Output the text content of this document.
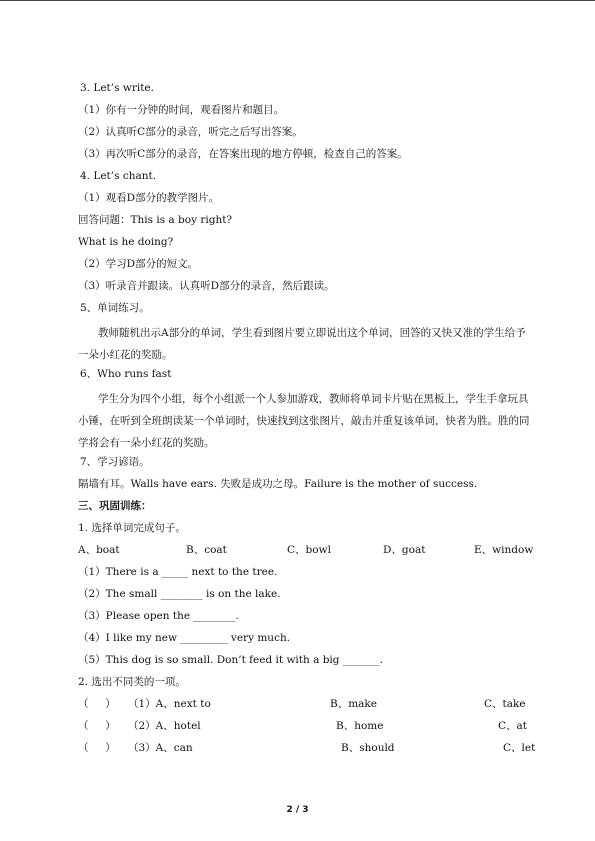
3. Let’s write.
（1）你有一分钟的时间，观看图片和题目。
（2）认真听C部分的录音，听完之后写出答案。
（3）再次听C部分的录音，在答案出现的地方停顿，检查自己的答案。
4. Let’s chant.
（1）观看D部分的教学图片。
回答问题：This is a boy right?
What is he doing?
（2）学习D部分的短文。
（3）听录音并跟读。认真听D部分的录音，然后跟读。
5、单词练习。
教师随机出示A部分的单词，学生看到图片要立即说出这个单词，回答的又快又准的学生给予一朵小红花的奖励。
6、Who runs fast
学生分为四个小组，每个小组派一个人参加游戏，教师将单词卡片贴在黑板上，学生手拿玩具小锤，在听到全班朗读某一个单词时，快速找到这张图片，敲击并重复该单词，快者为胜。胜的同学将会有一朵小红花的奖励。
7、学习谚语。
隔墙有耳。Walls have ears. 失败是成功之母。Failure is the mother of success.
三、巩固训练：
1. 选择单词完成句子。
A、boat	B、coat	C、bowl	D、goat	E、window
（1）There is a _____ next to the tree.
（2）The small ________ is on the lake.
（3）Please open the ________.
（4）I like my new _________ very much.
（5）This dog is so small. Don’t feed it with a big _______.
2. 选出不同类的一项。
（     ） （1）A、next to	B、make	C、take
（     ） （2）A、hotel	B、home	C、at
（     ） （3）A、can	B、should	C、let
2 / 3
